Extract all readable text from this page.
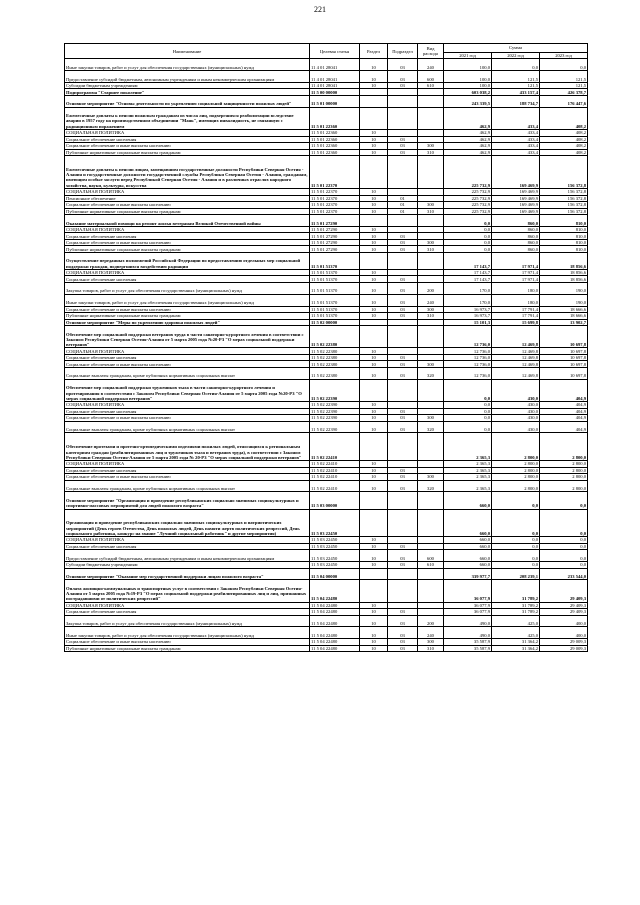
221
Наименование	Целевая статья	Раздел	Подраздел	Вид расхода	Сумма		
					2021 год	2022 год	2023 год
Иные закупки товаров, работ и услуг для обеспечения государственных (муниципальных) нужд	11 4 01 28041	10	03	240	100,0	0,0	0,0
Предоставление субсидий бюджетным, автономным учреждениям и иным некоммерческим организациям	11 4 01 28041	10	03	600	100,0	121,5	121,5
Субсидии бюджетным учреждениям	11 4 01 28041	10	03	610	100,0	121,5	121,5
Подпрограмма "Старшее поколение"	11 5 00 00000				603 038,2	433 157,4	426 378,7
Основное мероприятие "Основы деятельности по укреплению социальной защищенности пожилых людей"	11 5 01 00000				243 339,5	188 734,7	176 447,6
Ежемесячные доплаты к пенсии пожилым гражданам из числа лиц, подвергшихся реабилитации вследствие аварии в 1957 году на производственном объединении "Маяк", имеющих инвалидность, не связанную с радиационным поражением	11 5 01 22360				462,9	433,4	408,2
СОЦИАЛЬНАЯ ПОЛИТИКА	11 5 01 22360	10			462,9	433,4	408,2
Социальное обеспечение населения	11 5 01 22360	10	03		462,9	433,4	408,2
Социальное обеспечение и иные выплаты населению	11 5 01 22360	10	03	300	462,9	433,4	408,2
Публичные нормативные социальные выплаты гражданам	11 5 01 22360	10	03	310	462,9	433,4	408,2
Ежемесячные доплаты к пенсии лицам, замещавшим государственные должности Республики Северная Осетия - Алания и государственные должности государственной службы Республики Северная Осетия - Алания, гражданам, имеющим особые заслуги перед Республикой Северная Осетия - Алания и в различных отраслях народного хозяйства, науки, культуры, искусства	11 5 01 22370				225 732,9	169 469,9	156 372,8
СОЦИАЛЬНАЯ ПОЛИТИКА	11 5 01 22370	10			225 732,9	169 469,9	156 372,8
Пенсионное обеспечение	11 5 01 22370	10	01		225 732,9	169 469,9	156 372,8
Социальное обеспечение и иные выплаты населению	11 5 01 22370	10	01	300	225 732,9	169 469,9	156 372,8
Публичные нормативные социальные выплаты гражданам	11 5 01 22370	10	01	310	225 732,9	169 469,9	156 372,8
Оказание материальной помощи на ремонт жилья ветеранам Великой Отечественной войны	11 5 01 27290				0,0	860,0	810,0
СОЦИАЛЬНАЯ ПОЛИТИКА	11 5 01 27290	10			0,0	860,0	810,0
Социальное обеспечение населения	11 5 01 27290	10	03		0,0	860,0	810,0
Социальное обеспечение и иные выплаты населению	11 5 01 27290	10	03	300	0,0	860,0	810,0
Публичные нормативные социальные выплаты гражданам	11 5 01 27290	10	03	310	0,0	860,0	810,0
Осуществление переданных полномочий Российской Федерации по предоставлению отдельных мер социальной поддержки граждан, подвергшихся воздействию радиации	11 5 01 51370				17 143,7	17 971,4	18 856,6
СОЦИАЛЬНАЯ ПОЛИТИКА	11 5 01 51370	10			17 143,7	17 971,4	18 856,6
Социальное обеспечение населения	11 5 01 51370	10	03		17 143,7	17 971,4	18 856,6
Закупка товаров, работ и услуг для обеспечения государственных (муниципальных) нужд	11 5 01 51370	10	03	200	170,0	180,0	190,0
Иные закупки товаров, работ и услуг для обеспечения государственных (муниципальных) нужд	11 5 01 51370	10	03	240	170,0	180,0	190,0
Социальное обеспечение и иные выплаты населению	11 5 01 51370	10	03	300	16 973,7	17 791,4	18 666,6
Публичные нормативные социальные выплаты гражданам	11 5 01 51370	10	03	310	16 973,7	17 791,4	18 666,6
Основное мероприятие "Меры по укреплению здоровья пожилых людей"	11 5 02 00000				15 101,3	15 699,8	13 902,7
Обеспечение мер социальной поддержки ветеранов труда в части санаторно-курортного лечения в соответствии с Законом Республики Северная Осетия-Алания от 5 марта 2005 года №20-РЗ "О мерах социальной поддержки ветеранов"	11 5 02 22380				12 736,0	12 469,8	10 697,8
СОЦИАЛЬНАЯ ПОЛИТИКА	11 5 02 22380	10			12 736,0	12 469,8	10 697,8
Социальное обеспечение населения	11 5 02 22380	10	03		12 736,0	12 469,8	10 697,8
Социальное обеспечение и иные выплаты населению	11 5 02 22380	10	03	300	12 736,0	12 469,8	10 697,8
Социальные выплаты гражданам, кроме публичных нормативных социальных выплат	11 5 02 22380	10	03	320	12 736,0	12 469,8	10 697,8
Обеспечение мер социальной поддержки тружеников тыла в части санаторно-курортного лечения и протезирования в соответствии с Законом Республики Северная Осетия-Алания от 5 марта 2005 года №20-РЗ "О мерах социальной поддержки ветеранов"	11 5 02 22390				0,0	430,0	404,9
СОЦИАЛЬНАЯ ПОЛИТИКА	11 5 02 22390	10			0,0	430,0	404,9
Социальное обеспечение населения	11 5 02 22390	10	03		0,0	430,0	404,9
Социальное обеспечение и иные выплаты населению	11 5 02 22390	10	03	300	0,0	430,0	404,9
Социальные выплаты гражданам, кроме публичных нормативных социальных выплат	11 5 02 22390	10	03	320	0,0	430,0	404,9
Обеспечение протезами и протезно-ортопедическими изделиями пожилых людей, относящихся к региональным категориям граждан (реабилитированных лиц и тружеников тыла и ветеранов труда), в соответствии с Законом Республики Северная Осетия-Алания от 5 марта 2005 года № 20-РЗ "О мерах социальной поддержки ветеранов"	11 5 02 22410				2 365,3	2 800,0	2 800,0
СОЦИАЛЬНАЯ ПОЛИТИКА	11 5 02 22410	10			2 365,3	2 800,0	2 800,0
Социальное обеспечение населения	11 5 02 22410	10	03		2 365,3	2 800,0	2 800,0
Социальное обеспечение и иные выплаты населению	11 5 02 22410	10	03	300	2 365,3	2 800,0	2 800,0
Социальные выплаты гражданам, кроме публичных нормативных социальных выплат	11 5 02 22410	10	03	320	2 365,3	2 800,0	2 800,0
Основное мероприятие "Организация и проведение республиканских социально значимых социокультурных и спортивно-массовых мероприятий для людей пожилого возраста"	11 5 03 00000				660,0	0,0	0,0
Организация и проведение республиканских социально значимых социокультурных и патриотических мероприятий (День героев Отечества, День пожилых людей, День памяти жертв политических репрессий, День социального работника, конкурс на звание "Лучший социальный работник" и другие мероприятия)	11 5 03 22450				660,0	0,0	0,0
СОЦИАЛЬНАЯ ПОЛИТИКА	11 5 03 22450	10			660,0	0,0	0,0
Социальное обеспечение населения	11 5 03 22450	10	03		660,0	0,0	0,0
Предоставление субсидий бюджетным, автономным учреждениям и иным некоммерческим организациям	11 5 03 22450	10	03	600	660,0	0,0	0,0
Субсидии бюджетным учреждениям	11 5 03 22450	10	03	610	660,0	0,0	0,0
Основное мероприятие "Оказание мер государственной поддержки лицам пожилого возраста"	11 5 04 00000				339 977,7	208 239,1	233 544,0
Оплата жилищно-коммунальных и транспортных услуг в соответствии с Законом Республики Северная Осетия-Алания от 5 марта 2005 года №19-РЗ "О мерах социальной поддержки реабилитированных лиц и лиц, признанных пострадавшими от политических репрессий"	11 5 04 22480				36 077,9	31 789,2	29 409,3
СОЦИАЛЬНАЯ ПОЛИТИКА	11 5 04 22480	10			36 077,9	31 789,2	29 409,3
Социальное обеспечение населения	11 5 04 22480	10	03		36 077,9	31 789,2	29 409,3
Закупка товаров, работ и услуг для обеспечения государственных (муниципальных) нужд	11 5 04 22480	10	03	200	490,0	425,0	400,0
Иные закупки товаров, работ и услуг для обеспечения государственных (муниципальных) нужд	11 5 04 22480	10	03	240	490,0	425,0	400,0
Социальное обеспечение и иные выплаты населению	11 5 04 22480	10	03	300	35 587,9	31 364,2	29 009,3
Публичные нормативные социальные выплаты гражданам	11 5 04 22480	10	03	310	35 587,9	31 364,2	29 009,3
